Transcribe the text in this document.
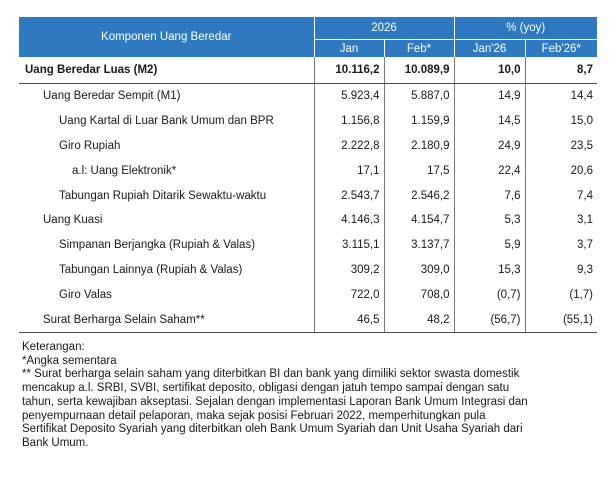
Komponen Uang Beredar	2026		% (yoy)	
	Jan	Feb*	Jan'26	Feb'26*
Uang Beredar Luas (M2)	10.116,2	10.089,9	10,0	8,7
Uang Beredar Sempit (M1)	5.923,4	5.887,0	14,9	14,4
Uang Kartal di Luar Bank Umum dan BPR	1.156,8	1.159,9	14,5	15,0
Giro Rupiah	2.222,8	2.180,9	24,9	23,5
a.l: Uang Elektronik*	17,1	17,5	22,4	20,6
Tabungan Rupiah Ditarik Sewaktu-waktu	2.543,7	2.546,2	7,6	7,4
Uang Kuasi	4.146,3	4.154,7	5,3	3,1
Simpanan Berjangka (Rupiah & Valas)	3.115,1	3.137,7	5,9	3,7
Tabungan Lainnya (Rupiah & Valas)	309,2	309,0	15,3	9,3
Giro Valas	722,0	708,0	(0,7)	(1,7)
Surat Berharga Selain Saham**	46,5	48,2	(56,7)	(55,1)
Keterangan:
*Angka sementara
** Surat berharga selain saham yang diterbitkan BI dan bank yang dimiliki sektor swasta domestik
mencakup a.l. SRBI, SVBI, sertifikat deposito, obligasi dengan jatuh tempo sampai dengan satu
tahun, serta kewajiban akseptasi. Sejalan dengan implementasi Laporan Bank Umum Integrasi dan
penyempurnaan detail pelaporan, maka sejak posisi Februari 2022, memperhitungkan pula
Sertifikat Deposito Syariah yang diterbitkan oleh Bank Umum Syariah dan Unit Usaha Syariah dari
Bank Umum.
